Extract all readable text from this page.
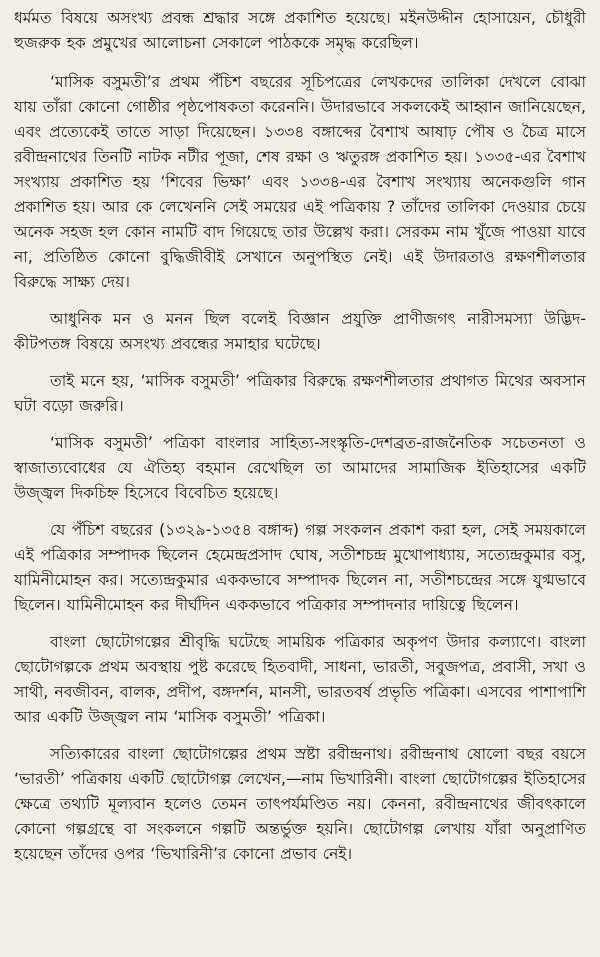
ধর্মমত বিষয়ে অসংখ্য প্রবন্ধ শ্রদ্ধার সঙ্গে প্রকাশিত হয়েছে। মইনউদ্দীন হোসায়েন, চৌধুরী হুজরুক হক প্রমুখের আলোচনা সেকালে পাঠককে সমৃদ্ধ করেছিল।

‘মাসিক বসুমতী’র প্রথম পঁচিশ বছরের সূচিপত্রের লেখকদের তালিকা দেখলে বোঝা যায় তাঁরা কোনো গোষ্ঠীর পৃষ্ঠপোষকতা করেননি। উদারভাবে সকলকেই আহ্বান জানিয়েছেন, এবং প্রত্যেকেই তাতে সাড়া দিয়েছেন। ১৩৩৪ বঙ্গাব্দের বৈশাখ আষাঢ় পৌষ ও চৈত্র মাসে রবীন্দ্রনাথের তিনটি নাটক নটীর পূজা, শেষ রক্ষা ও ঋতুরঙ্গ প্রকাশিত হয়। ১৩৩৫-এর বৈশাখ সংখ্যায় প্রকাশিত হয় ‘শিবের ভিক্ষা’ এবং ১৩৩৪-এর বৈশাখ সংখ্যায় অনেকগুলি গান প্রকাশিত হয়। আর কে লেখেননি সেই সময়ের এই পত্রিকায় ? তাঁদের তালিকা দেওয়ার চেয়ে অনেক সহজ হল কোন নামটি বাদ গিয়েছে তার উল্লেখ করা। সেরকম নাম খুঁজে পাওয়া যাবে না, প্রতিষ্ঠিত কোনো বুদ্ধিজীবীই সেখানে অনুপস্থিত নেই। এই উদারতাও রক্ষণশীলতার বিরুদ্ধে সাক্ষ্য দেয়।

আধুনিক মন ও মনন ছিল বলেই বিজ্ঞান প্রযুক্তি প্রাণীজগৎ নারীসমস্যা উদ্ভিদ-কীটপতঙ্গ বিষয়ে অসংখ্য প্রবন্ধের সমাহার ঘটেছে।

তাই মনে হয়, ‘মাসিক বসুমতী’ পত্রিকার বিরুদ্ধে রক্ষণশীলতার প্রথাগত মিথের অবসান ঘটা বড়ো জরুরি।

‘মাসিক বসুমতী’ পত্রিকা বাংলার সাহিত্য-সংস্কৃতি-দেশব্রত-রাজনৈতিক সচেতনতা ও স্বাজাত্যবোধের যে ঐতিহ্য বহমান রেখেছিল তা আমাদের সামাজিক ইতিহাসের একটি উজ্জ্বল দিকচিহ্ন হিসেবে বিবেচিত হয়েছে।

যে পঁচিশ বছরের (১৩২৯-১৩৫৪ বঙ্গাব্দ) গল্প সংকলন প্রকাশ করা হল, সেই সময়কালে এই পত্রিকার সম্পাদক ছিলেন হেমেন্দ্রপ্রসাদ ঘোষ, সতীশচন্দ্র মুখোপাধ্যায়, সত্যেন্দ্রকুমার বসু, যামিনীমোহন কর। সত্যেন্দ্রকুমার এককভাবে সম্পাদক ছিলেন না, সতীশচন্দ্রের সঙ্গে যুগ্মভাবে ছিলেন। যামিনীমোহন কর দীর্ঘদিন এককভাবে পত্রিকার সম্পাদনার দায়িত্বে ছিলেন।

বাংলা ছোটোগল্পের শ্রীবৃদ্ধি ঘটেছে সাময়িক পত্রিকার অকৃপণ উদার কল্যাণে। বাংলা ছোটোগল্পকে প্রথম অবস্থায় পুষ্ট করেছে হিতবাদী, সাধনা, ভারতী, সবুজপত্র, প্রবাসী, সখা ও সাথী, নবজীবন, বালক, প্রদীপ, বঙ্গদর্শন, মানসী, ভারতবর্ষ প্রভৃতি পত্রিকা। এসবের পাশাপাশি আর একটি উজ্জ্বল নাম ‘মাসিক বসুমতী’ পত্রিকা।

সত্যিকারের বাংলা ছোটোগল্পের প্রথম স্রষ্টা রবীন্দ্রনাথ। রবীন্দ্রনাথ ষোলো বছর বয়সে ‘ভারতী’ পত্রিকায় একটি ছোটোগল্প লেখেন,—নাম ভিখারিনী। বাংলা ছোটোগল্পের ইতিহাসের ক্ষেত্রে তথ্যটি মূল্যবান হলেও তেমন তাৎপর্যমণ্ডিত নয়। কেননা, রবীন্দ্রনাথের জীবৎকালে কোনো গল্পগ্রন্থে বা সংকলনে গল্পটি অন্তর্ভুক্ত হয়নি। ছোটোগল্প লেখায় যাঁরা অনুপ্রাণিত হয়েছেন তাঁদের ওপর ‘ভিখারিনী’র কোনো প্রভাব নেই।
